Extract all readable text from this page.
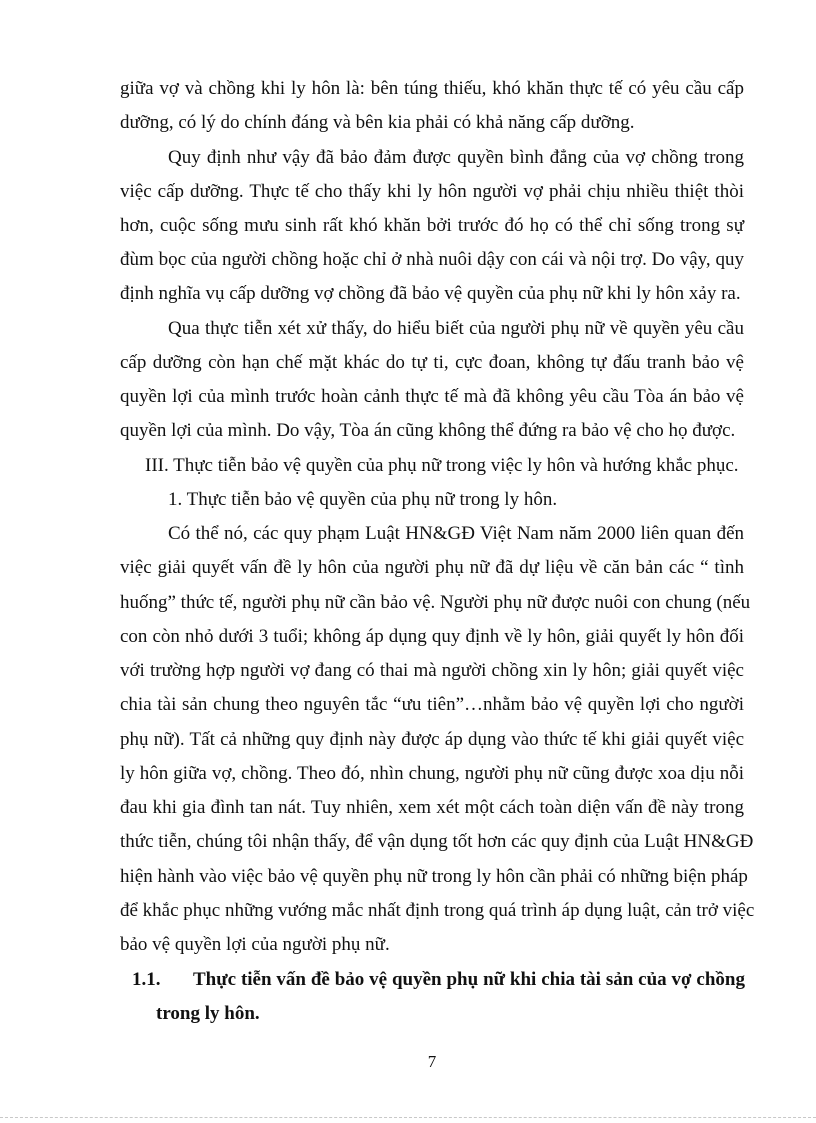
giữa vợ và chồng khi ly hôn là: bên túng thiếu, khó khăn thực tế có yêu cầu cấp
dưỡng, có lý do chính đáng và bên kia phải có khả năng cấp dưỡng.
Quy định như vậy đã bảo đảm được quyền bình đẳng của vợ chồng trong
việc cấp dưỡng. Thực tế cho thấy khi ly hôn người vợ phải chịu nhiều thiệt thòi
hơn, cuộc sống mưu sinh rất khó khăn bởi trước đó họ có thể chỉ sống trong sự
đùm bọc của người chồng hoặc chỉ ở nhà nuôi dậy con cái và nội trợ. Do vậy, quy
định nghĩa vụ cấp dưỡng vợ chồng đã bảo vệ quyền của phụ nữ khi ly hôn xảy ra.
Qua thực tiễn xét xử thấy, do hiểu biết của người phụ nữ về quyền yêu cầu
cấp dưỡng còn hạn chế mặt khác do tự ti, cực đoan, không tự đấu tranh bảo vệ
quyền lợi của mình trước hoàn cảnh thực tế mà đã không yêu cầu Tòa án bảo vệ
quyền lợi của mình. Do vậy, Tòa án cũng không thể đứng ra bảo vệ cho họ được.
III. Thực tiễn bảo vệ quyền của phụ nữ trong việc ly hôn và hướng khắc phục.
1. Thực tiễn bảo vệ quyền của phụ nữ trong ly hôn.
Có thể nó, các quy phạm Luật HN&GĐ Việt Nam năm 2000 liên quan đến
việc giải quyết vấn đề ly hôn của người phụ nữ đã dự liệu về căn bản các “ tình
huống” thức tế, người phụ nữ cần bảo vệ. Người phụ nữ được nuôi con chung (nếu
con còn nhỏ dưới 3 tuổi; không áp dụng quy định về ly hôn, giải quyết ly hôn đối
với trường hợp người vợ đang có thai mà người chồng xin ly hôn; giải quyết việc
chia tài sản chung theo nguyên tắc “ưu tiên”…nhằm bảo vệ quyền lợi cho người
phụ nữ). Tất cả những quy định này được áp dụng vào thức tế khi giải quyết việc
ly hôn giữa vợ, chồng. Theo đó, nhìn chung, người phụ nữ cũng được xoa dịu nỗi
đau khi gia đình tan nát. Tuy nhiên, xem xét một cách toàn diện vấn đề này trong
thức tiễn, chúng tôi nhận thấy, để vận dụng tốt hơn các quy định của Luật HN&GĐ
hiện hành vào việc bảo vệ quyền phụ nữ trong ly hôn cần phải có những biện pháp
để khắc phục những vướng mắc nhất định trong quá trình áp dụng luật, cản trở việc
bảo vệ quyền lợi của người phụ nữ.
1.1. Thực tiễn vấn đề bảo vệ quyền phụ nữ khi chia tài sản của vợ chồng
trong ly hôn.
7
